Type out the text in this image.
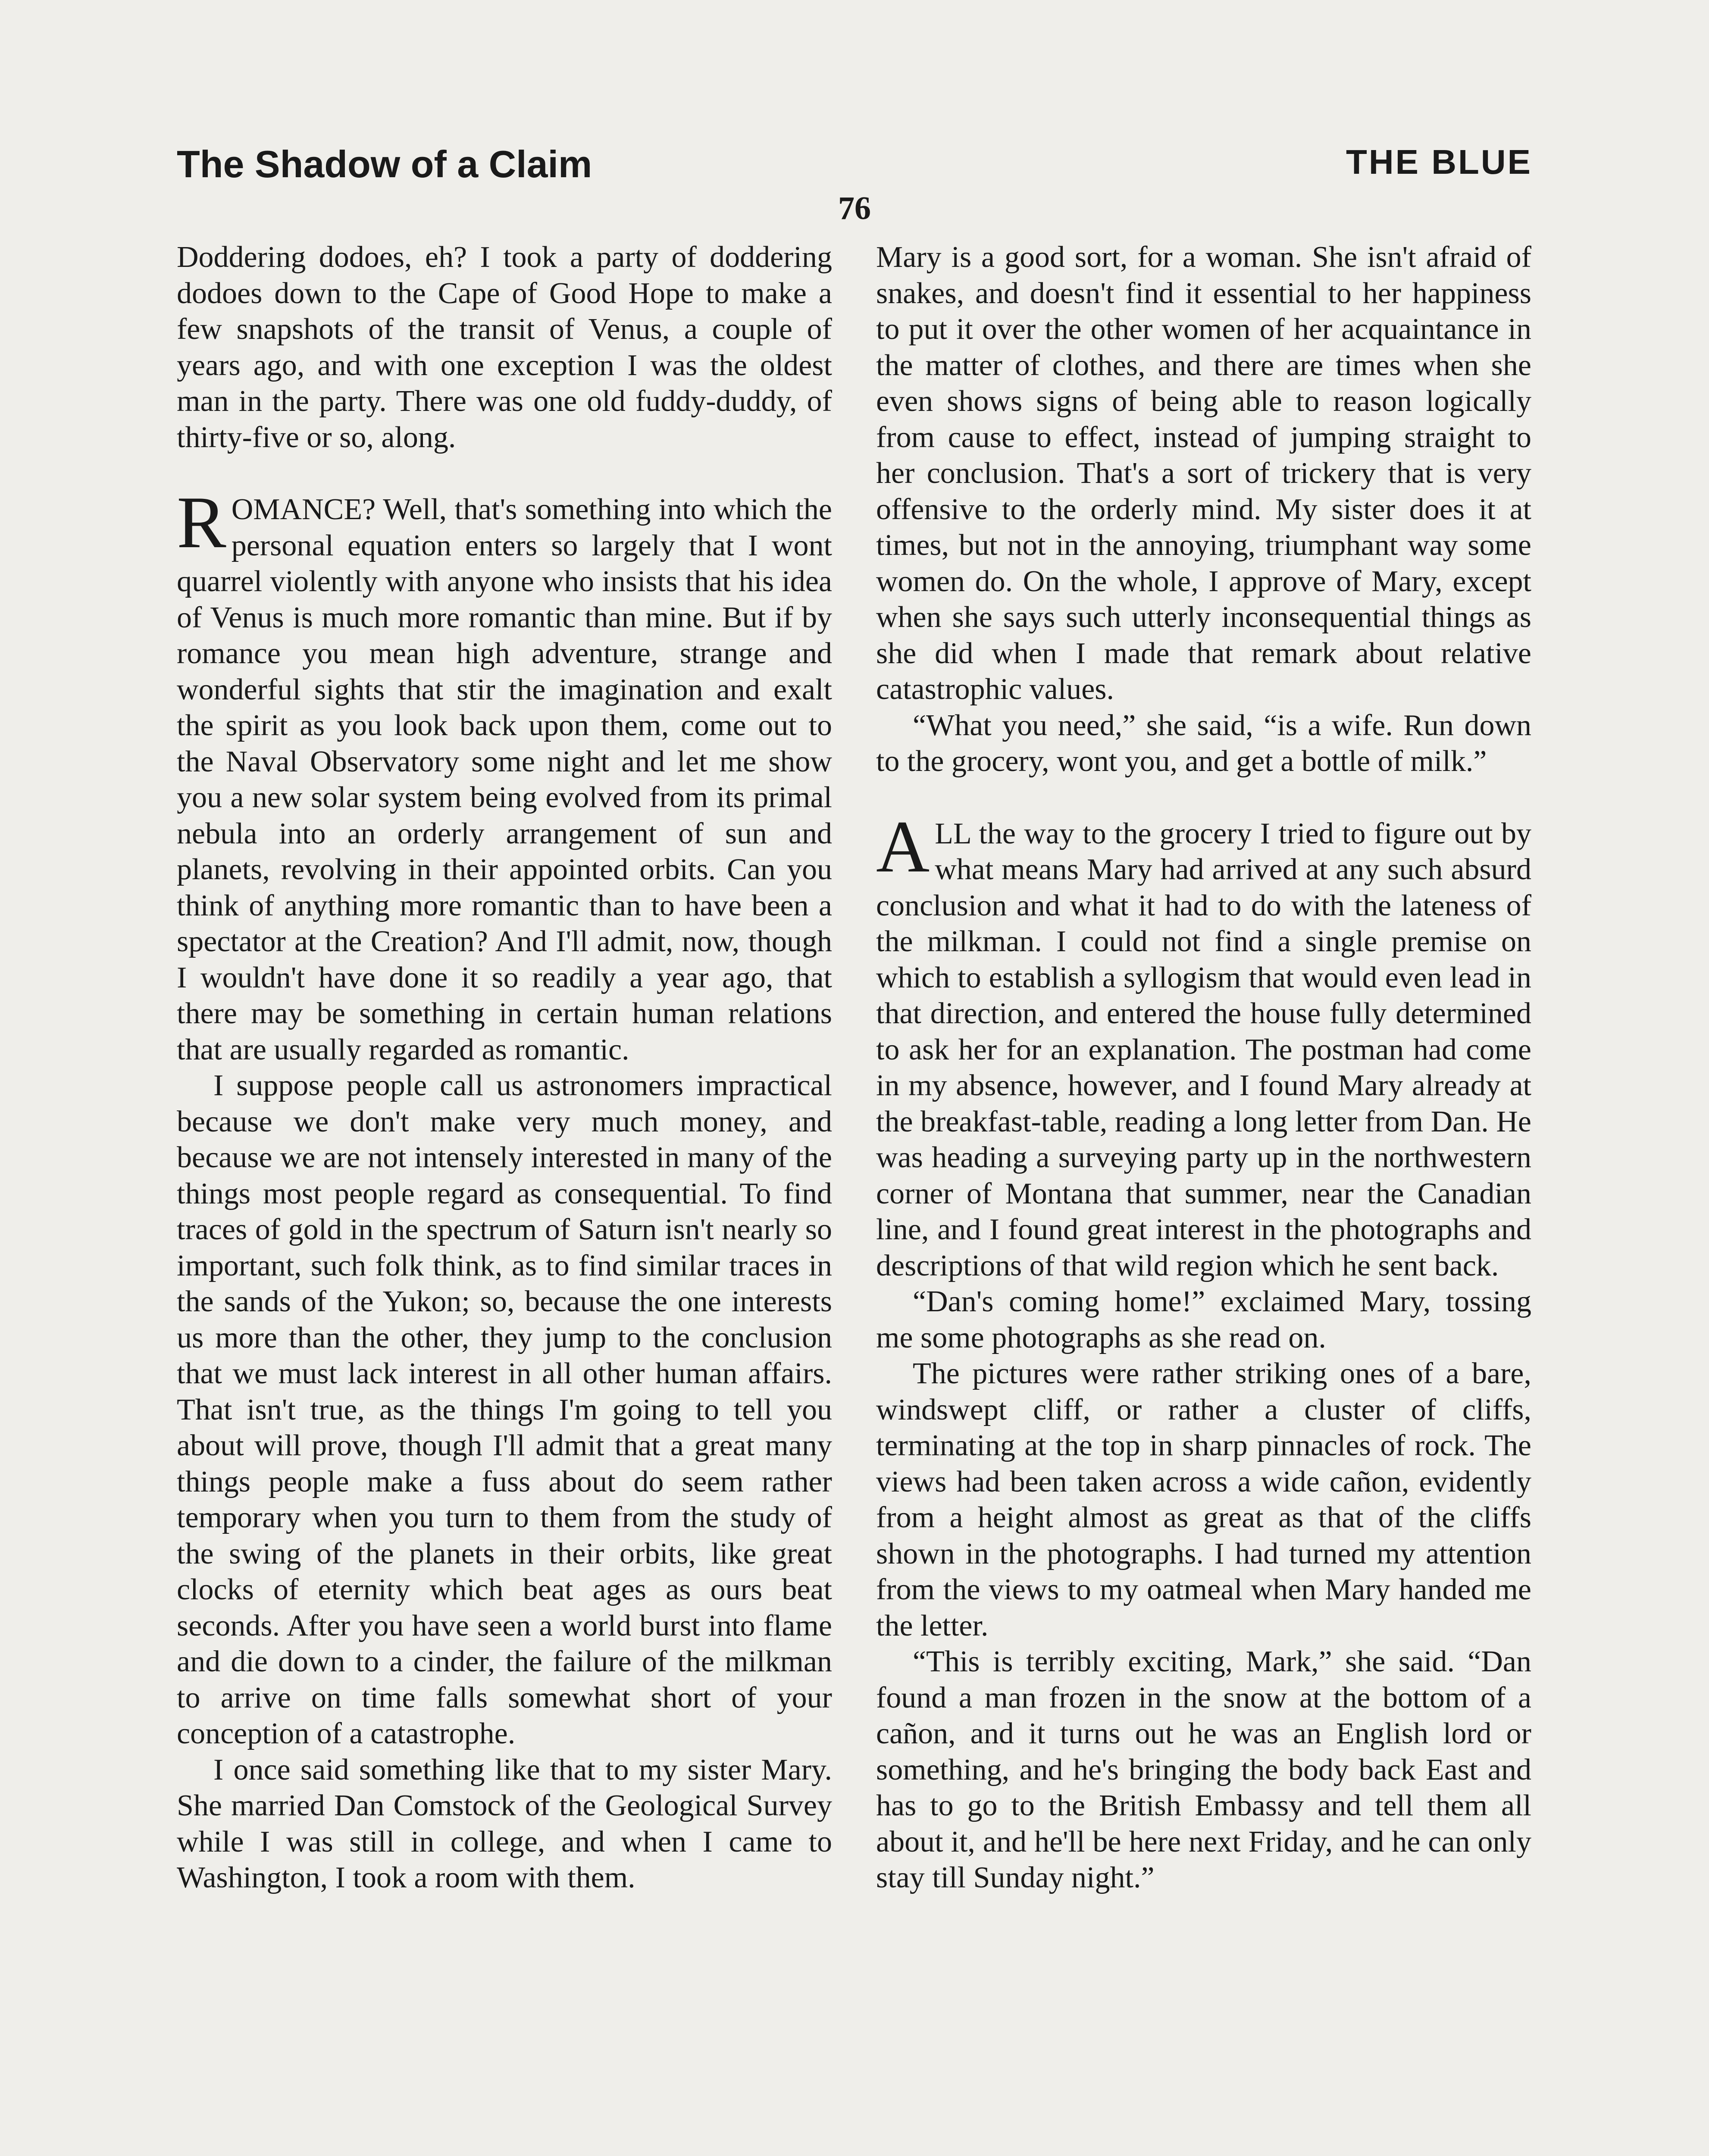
The Shadow of a Claim	THE BLUE
76

Doddering dodoes, eh? I took a party of doddering dodoes down to the Cape of Good Hope to make a few snapshots of the transit of Venus, a couple of years ago, and with one exception I was the oldest man in the party. There was one old fuddy-duddy, of thirty-five or so, along.

ROMANCE? Well, that's something into which the personal equation enters so largely that I wont quarrel violently with anyone who insists that his idea of Venus is much more romantic than mine. But if by romance you mean high adventure, strange and wonderful sights that stir the imagination and exalt the spirit as you look back upon them, come out to the Naval Observatory some night and let me show you a new solar system being evolved from its primal nebula into an orderly arrangement of sun and planets, revolving in their appointed orbits. Can you think of anything more romantic than to have been a spectator at the Creation? And I'll admit, now, though I wouldn't have done it so readily a year ago, that there may be something in certain human relations that are usually regarded as romantic.

I suppose people call us astronomers impractical because we don't make very much money, and because we are not intensely interested in many of the things most people regard as consequential. To find traces of gold in the spectrum of Saturn isn't nearly so important, such folk think, as to find similar traces in the sands of the Yukon; so, because the one interests us more than the other, they jump to the conclusion that we must lack interest in all other human affairs. That isn't true, as the things I'm going to tell you about will prove, though I'll admit that a great many things people make a fuss about do seem rather temporary when you turn to them from the study of the swing of the planets in their orbits, like great clocks of eternity which beat ages as ours beat seconds. After you have seen a world burst into flame and die down to a cinder, the failure of the milkman to arrive on time falls somewhat short of your conception of a catastrophe.

I once said something like that to my sister Mary. She married Dan Comstock of the Geological Survey while I was still in college, and when I came to Washington, I took a room with them.

Mary is a good sort, for a woman. She isn't afraid of snakes, and doesn't find it essential to her happiness to put it over the other women of her acquaintance in the matter of clothes, and there are times when she even shows signs of being able to reason logically from cause to effect, instead of jumping straight to her conclusion. That's a sort of trickery that is very offensive to the orderly mind. My sister does it at times, but not in the annoying, triumphant way some women do. On the whole, I approve of Mary, except when she says such utterly inconsequential things as she did when I made that remark about relative catastrophic values.

“What you need,” she said, “is a wife. Run down to the grocery, wont you, and get a bottle of milk.”

ALL the way to the grocery I tried to figure out by what means Mary had arrived at any such absurd conclusion and what it had to do with the lateness of the milkman. I could not find a single premise on which to establish a syllogism that would even lead in that direction, and entered the house fully determined to ask her for an explanation. The postman had come in my absence, however, and I found Mary already at the breakfast-table, reading a long letter from Dan. He was heading a surveying party up in the northwestern corner of Montana that summer, near the Canadian line, and I found great interest in the photographs and descriptions of that wild region which he sent back.

“Dan's coming home!” exclaimed Mary, tossing me some photographs as she read on.

The pictures were rather striking ones of a bare, windswept cliff, or rather a cluster of cliffs, terminating at the top in sharp pinnacles of rock. The views had been taken across a wide cañon, evidently from a height almost as great as that of the cliffs shown in the photographs. I had turned my attention from the views to my oatmeal when Mary handed me the letter.

“This is terribly exciting, Mark,” she said. “Dan found a man frozen in the snow at the bottom of a cañon, and it turns out he was an English lord or something, and he's bringing the body back East and has to go to the British Embassy and tell them all about it, and he'll be here next Friday, and he can only stay till Sunday night.”
